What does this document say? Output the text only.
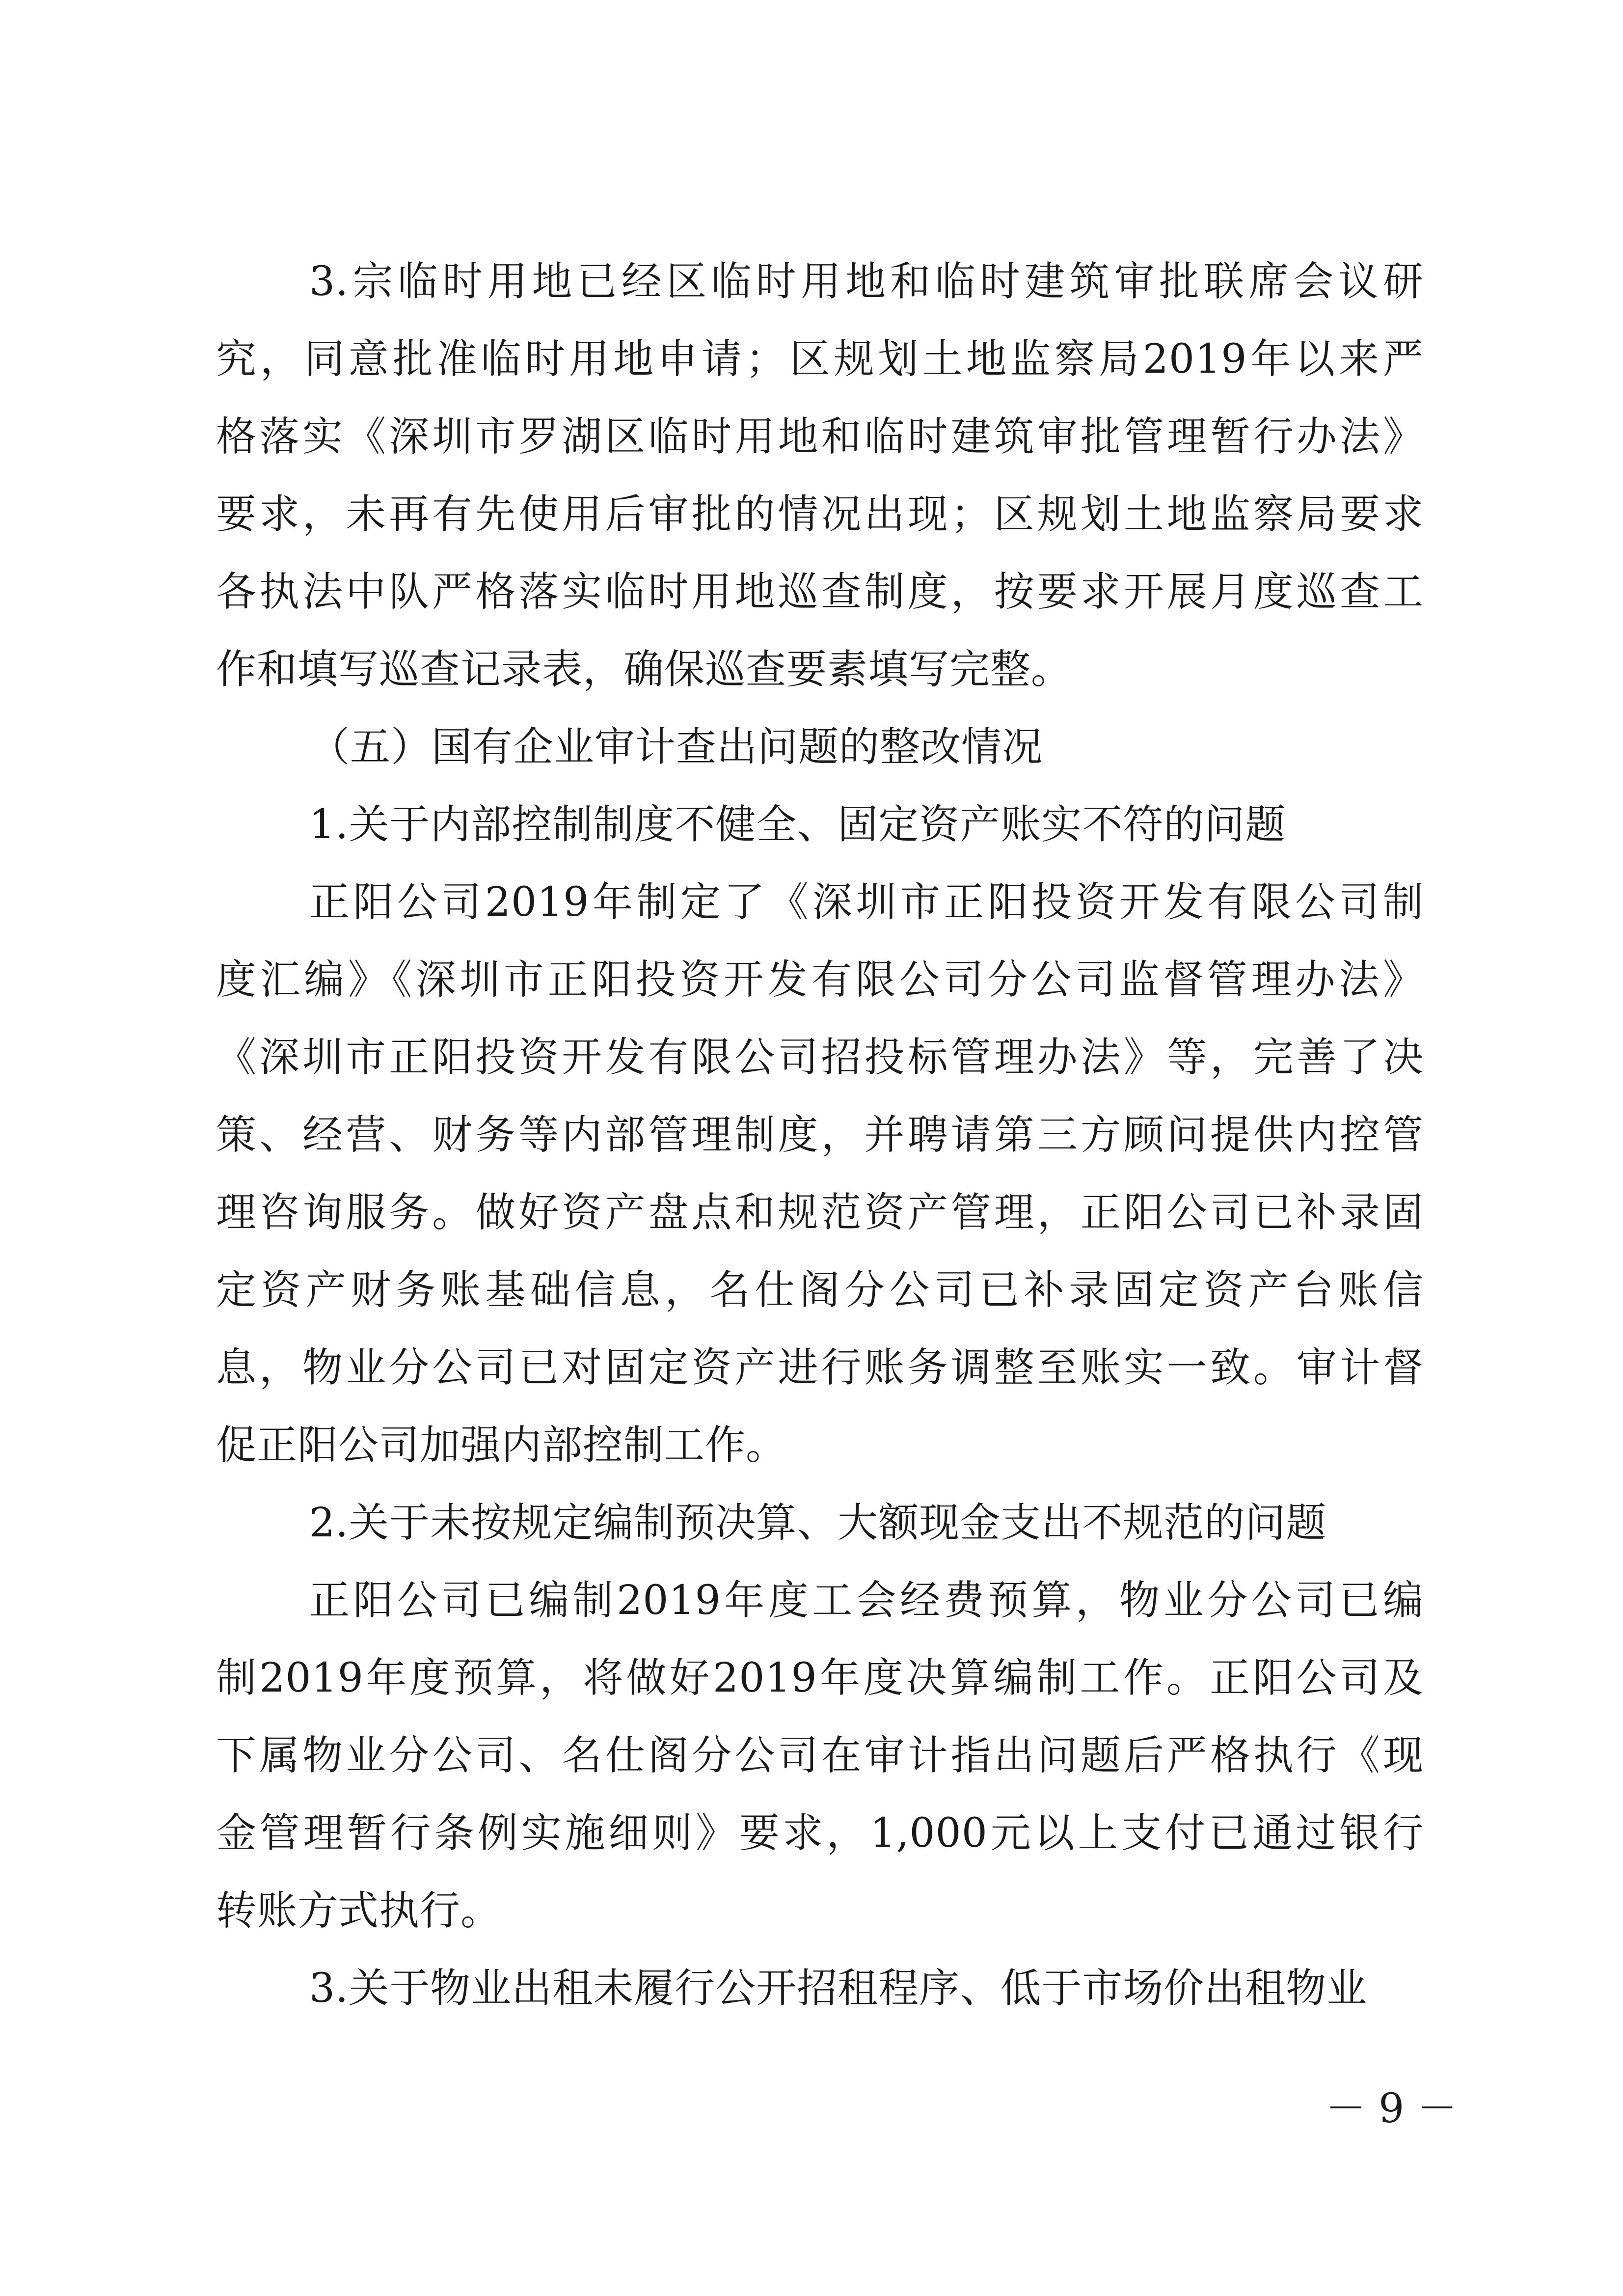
3.宗临时用地已经区临时用地和临时建筑审批联席会议研
究，同意批准临时用地申请；区规划土地监察局2019年以来严
格落实《深圳市罗湖区临时用地和临时建筑审批管理暂行办法》
要求，未再有先使用后审批的情况出现；区规划土地监察局要求
各执法中队严格落实临时用地巡查制度，按要求开展月度巡查工
作和填写巡查记录表，确保巡查要素填写完整。
（五）国有企业审计查出问题的整改情况
1.关于内部控制制度不健全、固定资产账实不符的问题
正阳公司2019年制定了《深圳市正阳投资开发有限公司制
度汇编》《深圳市正阳投资开发有限公司分公司监督管理办法》
《深圳市正阳投资开发有限公司招投标管理办法》等，完善了决
策、经营、财务等内部管理制度，并聘请第三方顾问提供内控管
理咨询服务。做好资产盘点和规范资产管理，正阳公司已补录固
定资产财务账基础信息，名仕阁分公司已补录固定资产台账信
息，物业分公司已对固定资产进行账务调整至账实一致。审计督
促正阳公司加强内部控制工作。
2.关于未按规定编制预决算、大额现金支出不规范的问题
正阳公司已编制2019年度工会经费预算，物业分公司已编
制2019年度预算，将做好2019年度决算编制工作。正阳公司及
下属物业分公司、名仕阁分公司在审计指出问题后严格执行《现
金管理暂行条例实施细则》要求，1,000元以上支付已通过银行
转账方式执行。
3.关于物业出租未履行公开招租程序、低于市场价出租物业
－ 9 －
